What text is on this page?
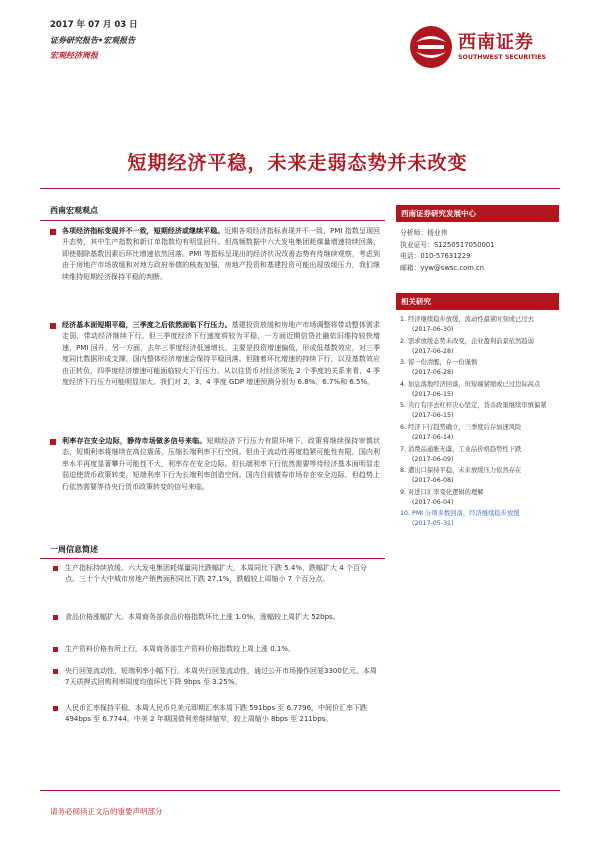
2017 年 07 月 03 日
证券研究报告•宏观报告
宏观经济周报
西南证券
SOUTHWEST SECURITIES
短期经济平稳，未来走弱态势并未改变
西南宏观观点
各项经济指标变现并不一致，短期经济或继续平稳。近期各项经济指标表现并不一致，PMI 指数呈现回升态势，其中生产指数和新订单指数均有明显回升。但高频数据中六大发电集团耗煤量增速持续回落，即使剔除基数因素后环比增速依然回落。PMI 等指标呈现出的经济状况改善态势有待继续观察，考虑到由于房地产市场放缓和对地方政府举债的核查加强，房地产投资和基建投资可能出现放缓压力，我们继续维持短期经济保持平稳的判断。
经济基本面短期平稳，三季度之后依然面临下行压力。基建投资放缓和房地产市场调整将带动整体需求走弱，带动经济继续下行。但三季度经济下行速度将较为平稳，一方面近期信贷社融依旧维持较快增速，PMI 回升，另一方面，去年三季度经济低速增长，主要是投资增速偏低，形成低基数效应，对三季度同比数据形成支撑，国内整体经济增速会保持平稳回落。但随着环比增速的持续下行，以及基数效应由正转负，四季度经济增速可能面临较大下行压力。从以往货币对经济领先 2 个季度的关系来看，4 季度经济下行压力可能明显加大。我们对 2、3、4 季度 GDP 增速预测分别为 6.8%、6.7%和 6.5%。
利率存在安全边际，静待市场做多信号来临。短期经济下行压力有限环境下，政策将继续保持审慎状态，短期利率将继续在高位震荡，压缩长端利率下行空间。但由于流动性再度趋紧可能性有限，国内利率水平再度显著攀升可能性不大，利率存在安全边际。但长端利率下行依然需要等待经济基本面明显走弱迫使货币政策转变，短端利率下行为长端利率创造空间。国内目前债券市场存在安全边际，但趋势上行依然需要等待央行货币政策转变的信号来临。
一周信息简述
生产指标持续放缓。六大发电集团耗煤量同比跌幅扩大，本周同比下跌 5.4%，跌幅扩大 4 个百分点。三十个大中城市房地产销售面积同比下跌 27.1%，跌幅较上周缩小 7 个百分点。
食品价格涨幅扩大。本周商务部食品价格指数环比上涨 1.0%，涨幅较上周扩大 52bps。
生产资料价格有所上行。本周商务部生产资料价格指数较上周上涨 0.1%。
央行回笼流动性，短端利率小幅下行。本周央行回笼流动性，通过公开市场操作回笼3300亿元。本周7天质押式回购利率周度均值环比下降 9bps 至 3.25%。
人民币汇率保持平稳。本周人民币兑美元即期汇率本周下跌 591bps 至 6.7796，中间价汇率下跌 494bps 至 6.7744。中美 2 年期国债利差继续缩窄，较上周缩小 8bps 至 211bps。
西南证券研究发展中心
分析师：杨业伟
执业证号：S1250517050001
电话：010-57631229
邮箱：yyw@swsc.com.cn
相关研究
1. 经济继续稳步放缓，流动性最紧时刻或已过去
(2017-06-30)
2. 需求放缓态势未改变，企业盈利前景依然趋弱
(2017-06-28)
3. 留一份清醒，存一份谨慎
(2017-06-28)
4. 加息落地经济回落，但短端紧缩或已过边际高点
(2017-06-15)
5. 央行有序去杠杆决心坚定，货币政策继续审慎偏紧
(2017-06-15)
6. 经济下行趋势确立，三季度后存加速风险
(2017-06-14)
7. 消费品通胀无虞，工业品价格趋势性下跌
(2017-06-09)
8. 遭出口保持平稳，未来放缓压力依然存在
(2017-06-08)
9. 对进口汇率变化逻辑的理解
(2017-06-04)
10. PMI 分项多数回落，经济继续稳步放缓
(2017-05-31)
请务必阅读正文后的重要声明部分
